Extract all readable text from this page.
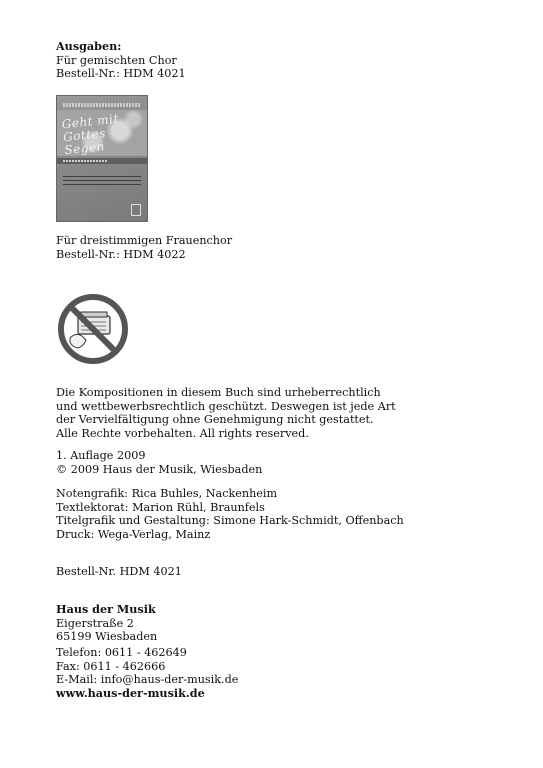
Ausgaben:
Für gemischten Chor
Bestell-Nr.: HDM 4021
Geht mit Gottes Segen
Für dreistimmigen Frauenchor
Bestell-Nr.: HDM 4022
Die Kompositionen in diesem Buch sind urheberrechtlich
und wettbewerbsrechtlich geschützt. Deswegen ist jede Art
der Vervielfältigung ohne Genehmigung nicht gestattet.
Alle Rechte vorbehalten. All rights reserved.
1. Auflage 2009
© 2009 Haus der Musik, Wiesbaden
Notengrafik: Rica Buhles, Nackenheim
Textlektorat: Marion Rühl, Braunfels
Titelgrafik und Gestaltung: Simone Hark-Schmidt, Offenbach
Druck: Wega-Verlag, Mainz
Bestell-Nr. HDM 4021
Haus der Musik
Eigerstraße 2
65199 Wiesbaden
Telefon: 0611 - 462649
Fax: 0611 - 462666
E-Mail: info@haus-der-musik.de
www.haus-der-musik.de
